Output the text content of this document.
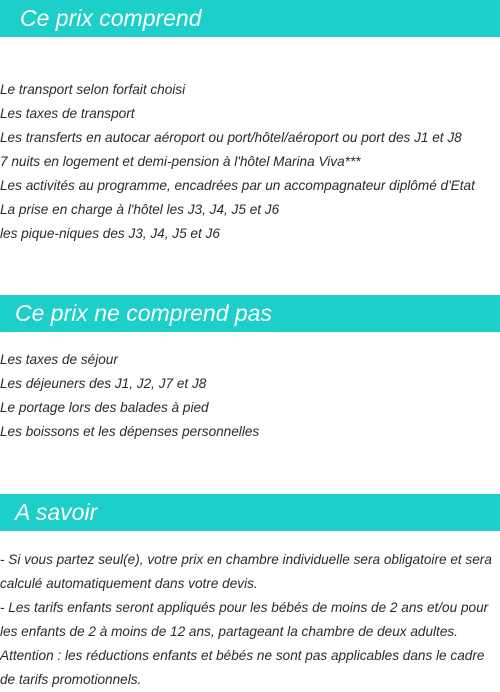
Ce prix comprend
Le transport selon forfait choisi
Les taxes de transport
Les transferts en autocar aéroport ou port/hôtel/aéroport ou port des J1 et J8
7 nuits en logement et demi-pension à l'hôtel Marina Viva***
Les activités au programme, encadrées par un accompagnateur diplômé d'Etat
La prise en charge à l'hôtel les J3, J4, J5 et J6
les pique-niques des J3, J4, J5 et J6
Ce prix ne comprend pas
Les taxes de séjour
Les déjeuners des J1, J2, J7 et J8
Le portage lors des balades à pied
Les boissons et les dépenses personnelles
A savoir

- Si vous partez seul(e), votre prix en chambre individuelle sera obligatoire et sera calculé automatiquement dans votre devis.

- Les tarifs enfants seront appliqués pour les bébés de moins de 2 ans et/ou pour les enfants de 2 à moins de 12 ans, partageant la chambre de deux adultes.

Attention : les réductions enfants et bébés ne sont pas applicables dans le cadre de tarifs promotionnels.
